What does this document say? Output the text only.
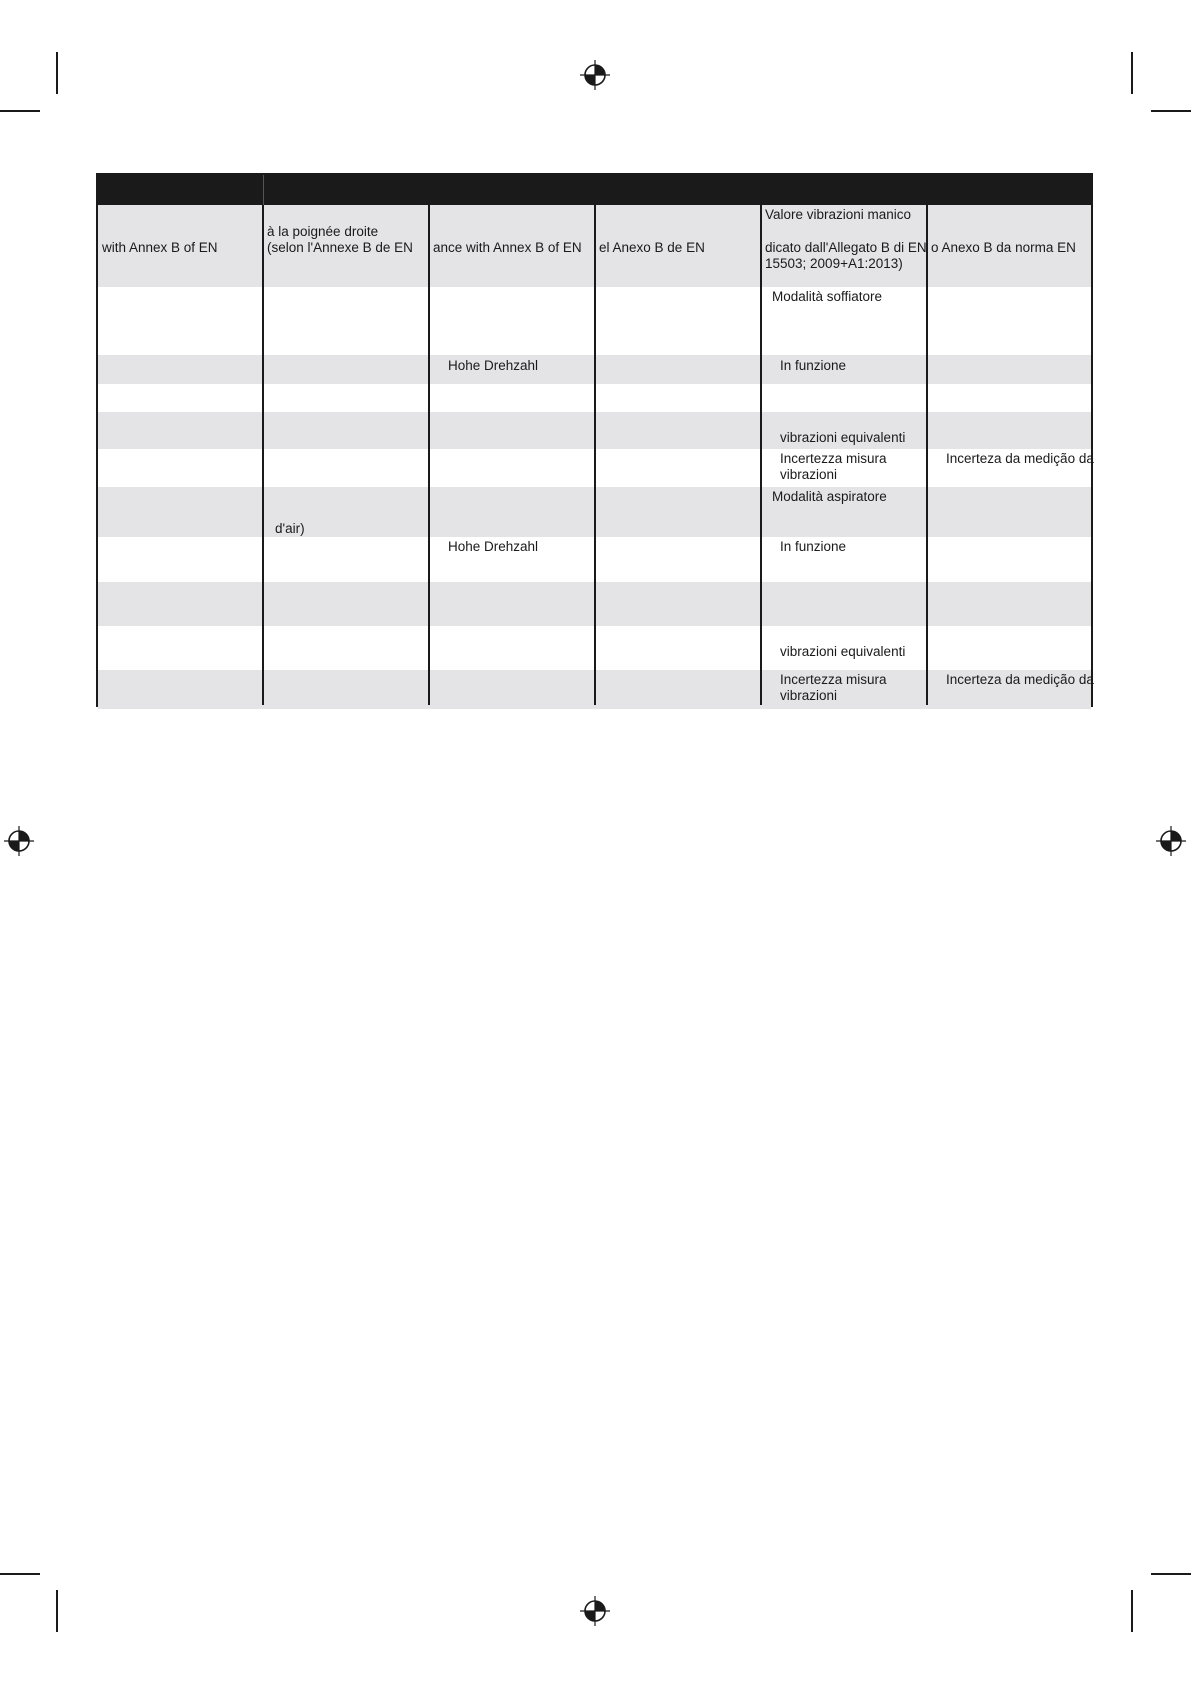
with Annex B of EN
à la poignée droite
(selon l'Annexe B de EN ance with Annex B of EN el Anexo B de EN
Valore vibrazioni manico
dicato dall'Allegato B di EN
15503; 2009+A1:2013)
o Anexo B da norma EN
Modalità soffiatore
Hohe Drehzahl	In funzione
vibrazioni equivalenti
Incertezza misura
vibrazioni
Incerteza da medição da
Modalità aspiratore
d'air)
Hohe Drehzahl	In funzione
vibrazioni equivalenti
Incertezza misura
vibrazioni
Incerteza da medição da
